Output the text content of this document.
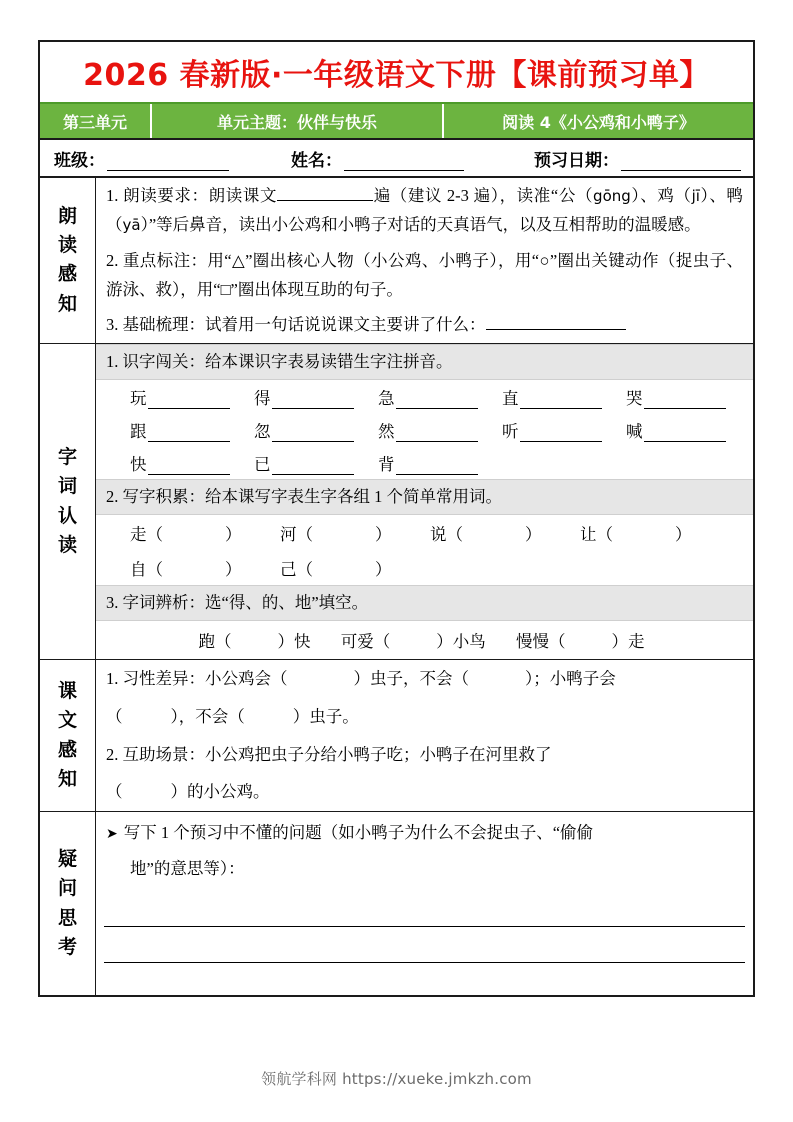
2026 春新版·一年级语文下册【课前预习单】
第三单元	单元主题：伙伴与快乐	阅读 4《小公鸡和小鸭子》
班级：	姓名：	预习日期：
朗
读
感
知
1. 朗读要求：朗读课文	遍（建议 2-3 遍），读准“公（gōng）、鸡（jī）、鸭（yā）”等后鼻音，读出小公鸡和小鸭子对话的天真语气，以及互相帮助的温暖感。
2. 重点标注：用“△”圈出核心人物（小公鸡、小鸭子），用“○”圈出关键动作（捉虫子、游泳、救），用“□”圈出体现互助的句子。
3. 基础梳理：试着用一句话说说课文主要讲了什么：
字
词
认
读
1. 识字闯关：给本课识字表易读错生字注拼音。
玩	得	急	直	哭
跟	忽	然	听	喊
快	已	背
2. 写字积累：给本课写字表生字各组 1 个简单常用词。
走（	）	河（	）	说（	）	让（	）
自（	）	己（	）
3. 字词辨析：选“得、的、地”填空。
跑（	）快 可爱（	）小鸟 慢慢（	）走
课
文
感
知
1. 习性差异：小公鸡会（	）虫子，不会（	）；小鸭子会
（	），不会（	）虫子。
2. 互助场景：小公鸡把虫子分给小鸭子吃；小鸭子在河里救了
（	）的小公鸡。
疑
问
思
考
➤ 写下 1 个预习中不懂的问题（如小鸭子为什么不会捉虫子、“偷偷
地”的意思等）：
领航学科网 https://xueke.jmkzh.com
